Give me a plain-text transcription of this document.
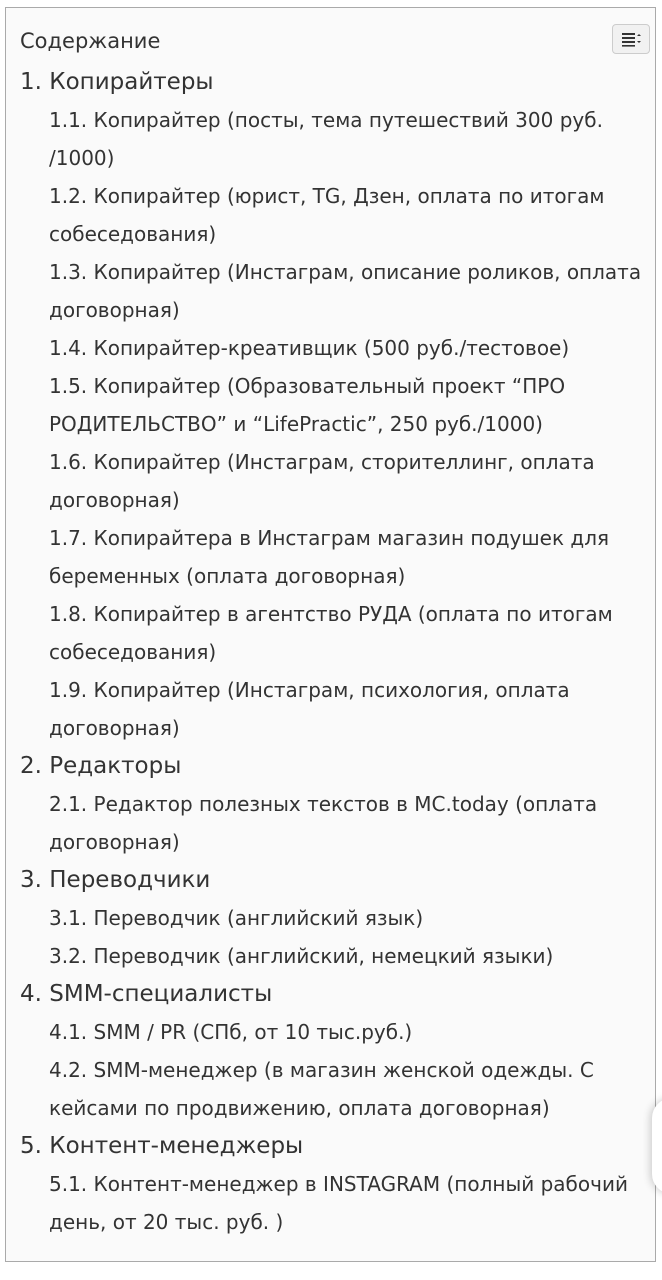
Содержание
1. Копирайтеры
1.1. Копирайтер (посты, тема путешествий 300 руб. /1000)
1.2. Копирайтер (юрист, TG, Дзен, оплата по итогам собеседования)
1.3. Копирайтер (Инстаграм, описание роликов, оплата договорная)
1.4. Копирайтер-креативщик (500 руб./тестовое)
1.5. Копирайтер (Образовательный проект “ПРО РОДИТЕЛЬСТВО” и “LifePractic”, 250 руб./1000)
1.6. Копирайтер (Инстаграм, сторителлинг, оплата договорная)
1.7. Копирайтера в Инстаграм магазин подушек для беременных (оплата договорная)
1.8. Копирайтер в агентство РУДА (оплата по итогам собеседования)
1.9. Копирайтер (Инстаграм, психология, оплата договорная)
2. Редакторы
2.1. Редактор полезных текстов в MC.today (оплата договорная)
3. Переводчики
3.1. Переводчик (английский язык)
3.2. Переводчик (английский, немецкий языки)
4. SMM-специалисты
4.1. SMM / PR (СПб, от 10 тыс.руб.)
4.2. SMM-менеджер (в магазин женской одежды. С кейсами по продвижению, оплата договорная)
5. Контент-менеджеры
5.1. Контент-менеджер в INSTAGRAM (полный рабочий день, от 20 тыс. руб. )
